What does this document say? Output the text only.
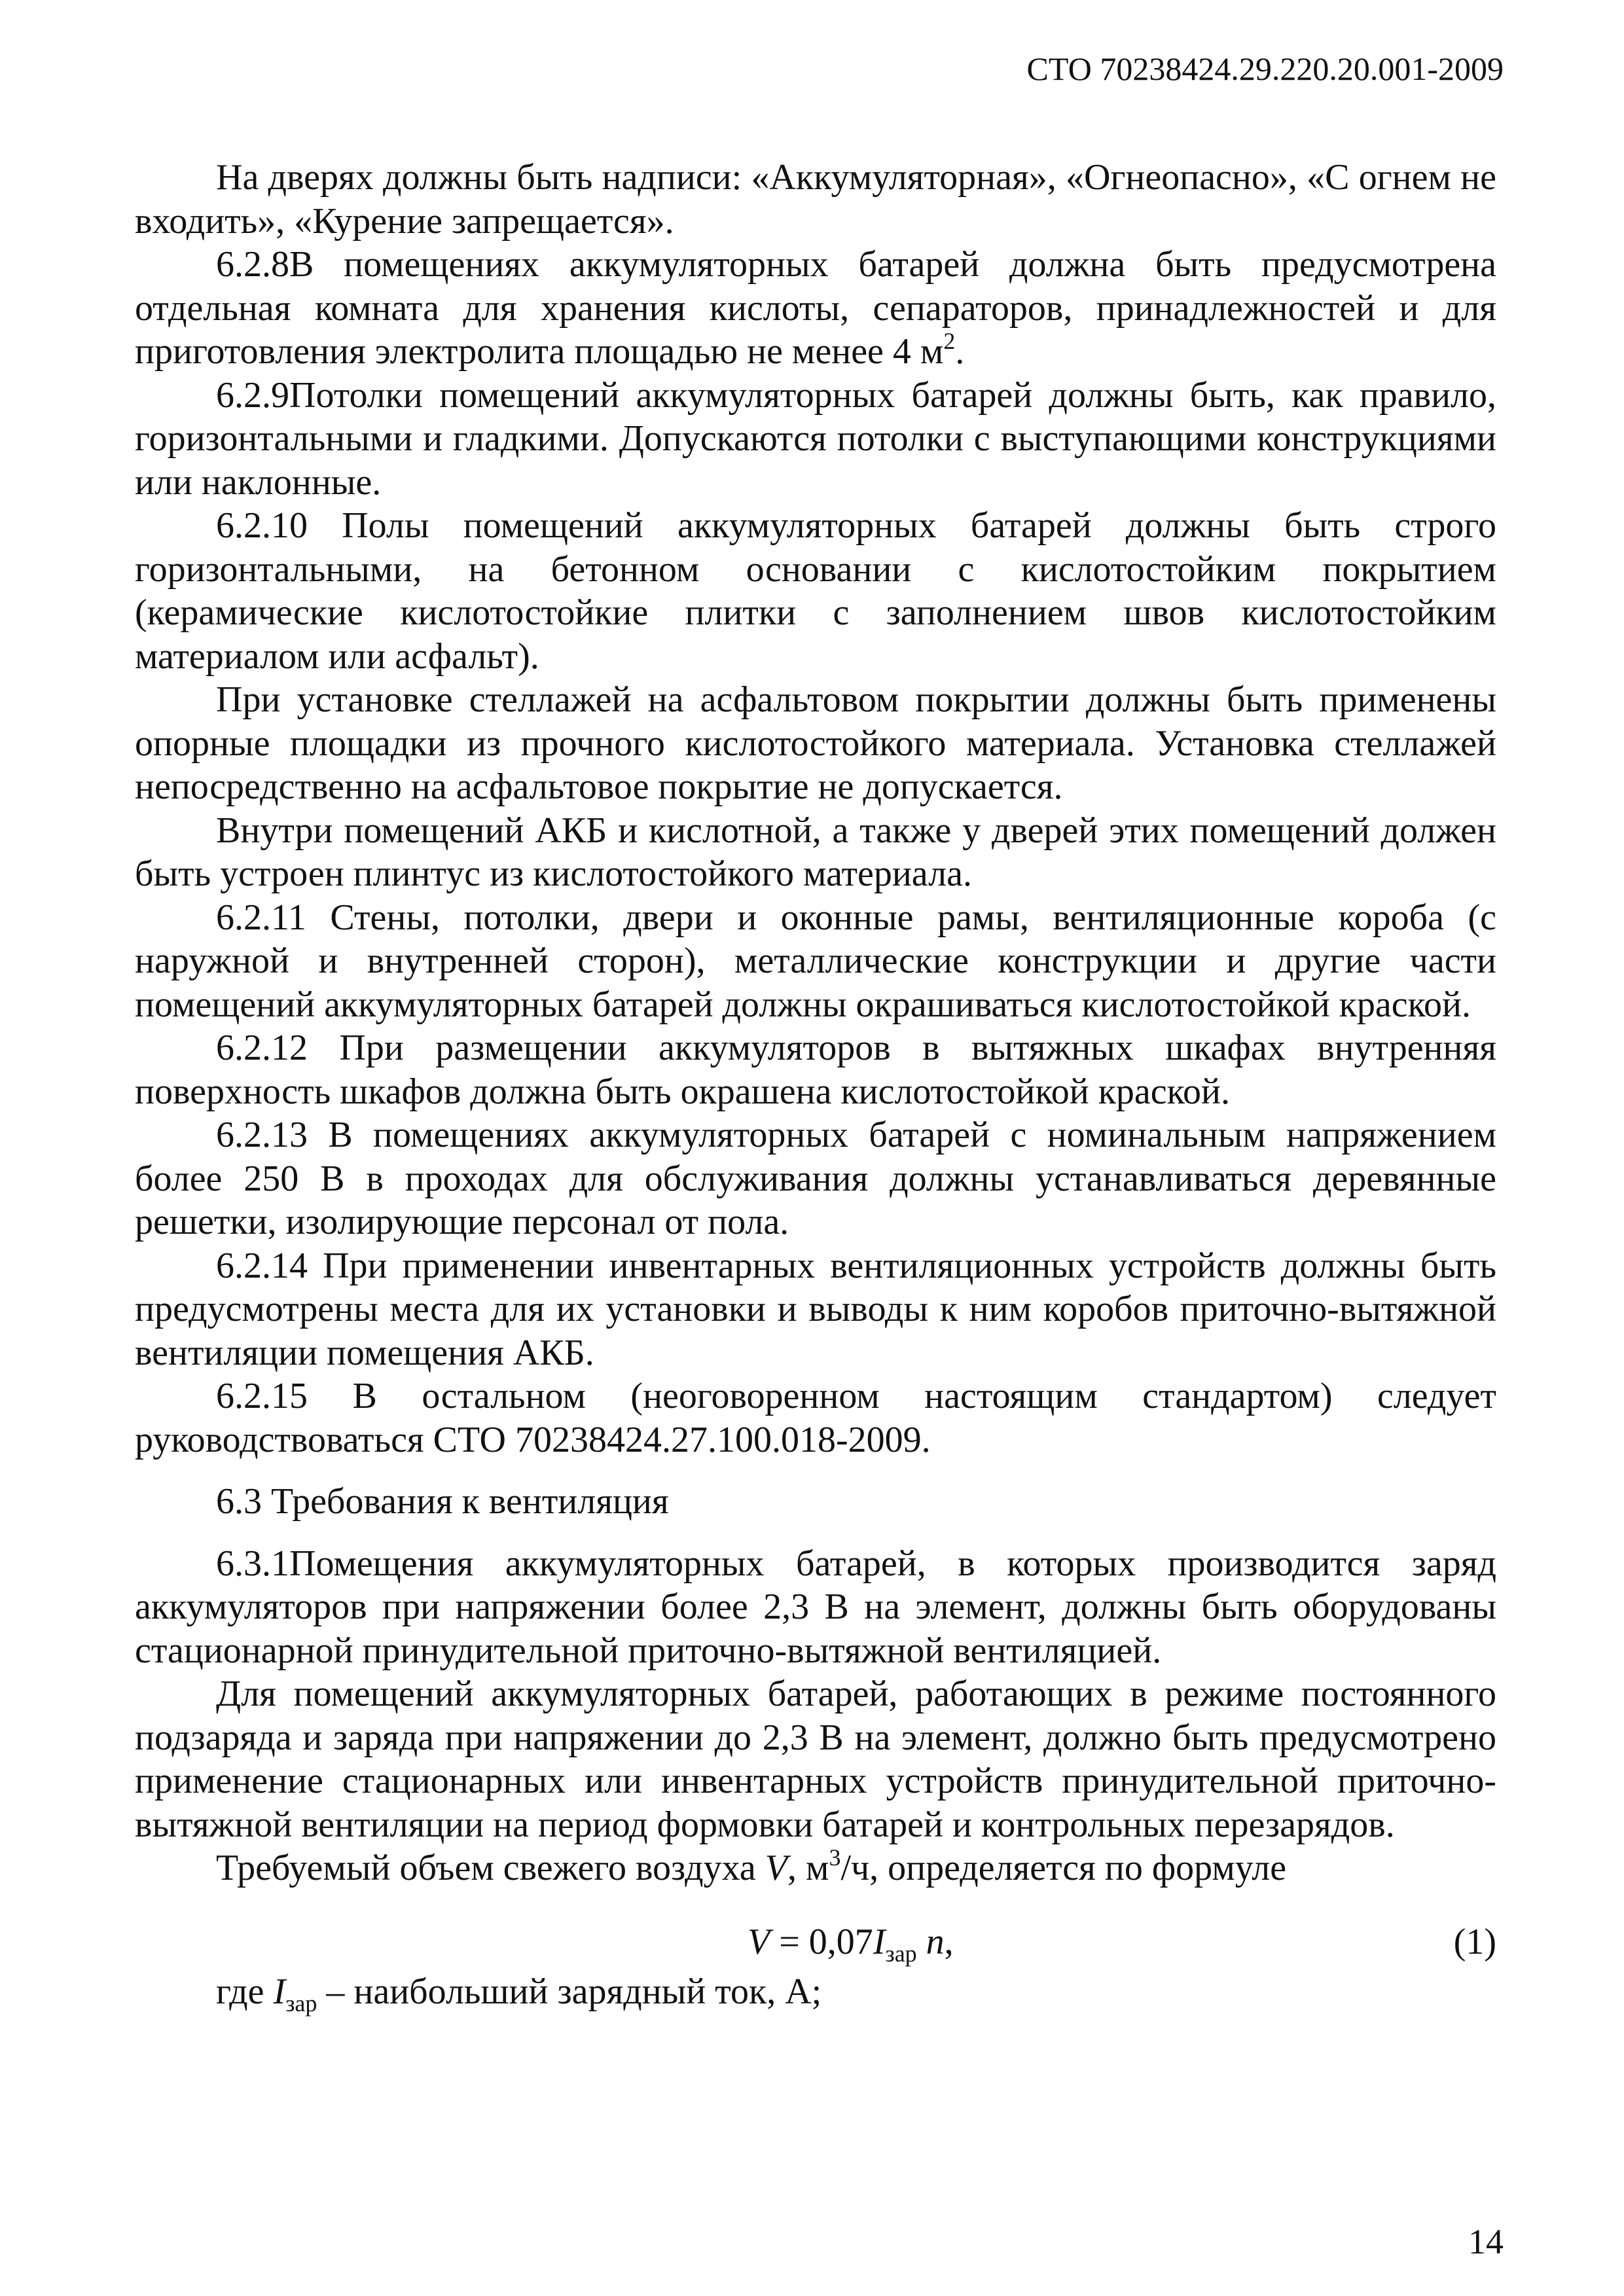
СТО 70238424.29.220.20.001-2009

На дверях должны быть надписи: «Аккумуляторная», «Огнеопасно», «С огнем не входить», «Курение запрещается».

6.2.8В помещениях аккумуляторных батарей должна быть предусмотрена отдельная комната для хранения кислоты, сепараторов, принадлежностей и для приготовления электролита площадью не менее 4 $м^2$.

6.2.9Потолки помещений аккумуляторных батарей должны быть, как правило, горизонтальными и гладкими. Допускаются потолки с выступающими конструкциями или наклонные.

6.2.10 Полы помещений аккумуляторных батарей должны быть строго горизонтальными, на бетонном основании с кислотостойким покрытием (керамические кислотостойкие плитки с заполнением швов кислотостойким материалом или асфальт).

При установке стеллажей на асфальтовом покрытии должны быть применены опорные площадки из прочного кислотостойкого материала. Установка стеллажей непосредственно на асфальтовое покрытие не допускается.

Внутри помещений АКБ и кислотной, а также у дверей этих помещений должен быть устроен плинтус из кислотостойкого материала.

6.2.11 Стены, потолки, двери и оконные рамы, вентиляционные короба (с наружной и внутренней сторон), металлические конструкции и другие части помещений аккумуляторных батарей должны окрашиваться кислотостойкой краской.

6.2.12 При размещении аккумуляторов в вытяжных шкафах внутренняя поверхность шкафов должна быть окрашена кислотостойкой краской.

6.2.13 В помещениях аккумуляторных батарей с номинальным напряжением более 250 В в проходах для обслуживания должны устанавливаться деревянные решетки, изолирующие персонал от пола.

6.2.14 При применении инвентарных вентиляционных устройств должны быть предусмотрены места для их установки и выводы к ним коробов приточно-вытяжной вентиляции помещения АКБ.

6.2.15 В остальном (неоговоренном настоящим стандартом) следует руководствоваться СТО 70238424.27.100.018-2009.

6.3 Требования к вентиляция

6.3.1Помещения аккумуляторных батарей, в которых производится заряд аккумуляторов при напряжении более 2,3 В на элемент, должны быть оборудованы стационарной принудительной приточно-вытяжной вентиляцией.

Для помещений аккумуляторных батарей, работающих в режиме постоянного подзаряда и заряда при напряжении до 2,3 В на элемент, должно быть предусмотрено применение стационарных или инвентарных устройств принудительной приточно-вытяжной вентиляции на период формовки батарей и контрольных перезарядов.

Требуемый объем свежего воздуха V, $м^3/ч$, определяется по формуле

$V = 0,07I_{зар}$ n,	(1)

где $I_{зар}$ – наибольший зарядный ток, А;

14
